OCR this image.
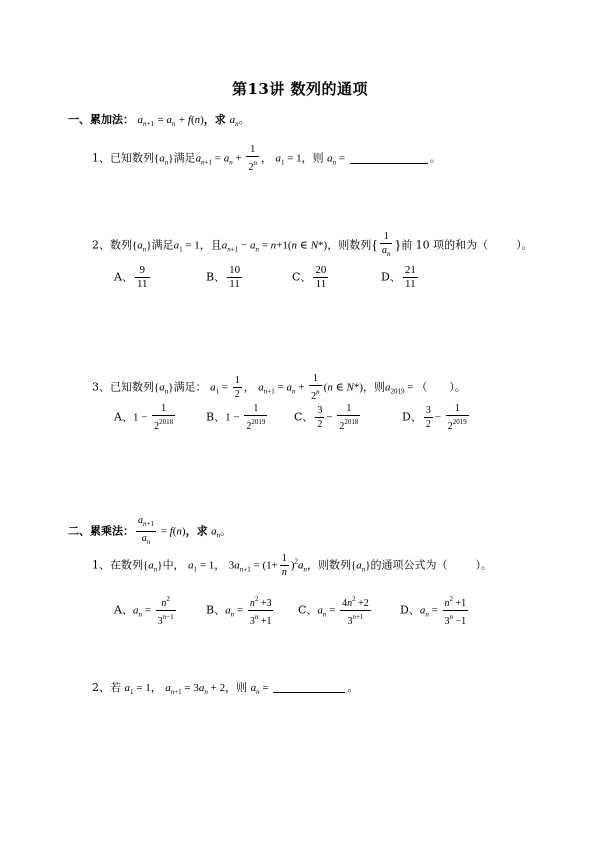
第13讲 数列的通项
一、累加法： $a_{n+1} = a_n + f(n)$，求 $a_n$。
1、已知数列$\{a_n\}$满足$a_{n+1} = a_n + \frac{1}{2^n}$ ， $a_1 = 1$，则 $a_n$ =	。
2、数列$\{a_n\}$满足$a_1 = 1$，且$a_{n+1} - a_n = n+1(n$ ∈ N*)，则数列{ $\frac{1}{a_n}$ }前 10 项的和为（	）。
A、 $\frac{9}{11}$	B、 $\frac{10}{11}$	C、 $\frac{20}{11}$	D、 $\frac{21}{11}$
3、已知数列$\{a_n\}$满足： $a_1 = \frac{1}{2}$ ， $a_{n+1} = a_n + \frac{1}{2^n} (n$ ∈ N*)，则$a_{2019}$ = （　　）。
A、$1 - \frac{1}{2^{2018}}$	B、$1 - \frac{1}{2^{2019}}$ C、 $\frac{3}{2} - \frac{1}{2^{2018}}$	D、 $\frac{3}{2} - \frac{1}{2^{2019}}$
二、累乘法： $\frac{a_{n+1}}{a_n} = f(n)$，求 $a_n$。
1、在数列$\{a_n\}$中， $a_1 = 1$， $3a_{n+1} = (1+ \frac{1}{n} )^2a_n$，则数列$\{a_n\}$的通项公式为（	）。
A、$a_n = \frac{n^2}{3^{n-1}}$	B、$a_n = \frac{n^2 +3}{3^n +1}$ C、$a_n = \frac{4n^2 +2}{3^{n+1}}$	D、$a_n = \frac{n^2 +1}{3^n -1}$
2、若 $a_1 = 1$， $a_{n+1} = 3a_n + 2$，则 $a_n$ =	。
